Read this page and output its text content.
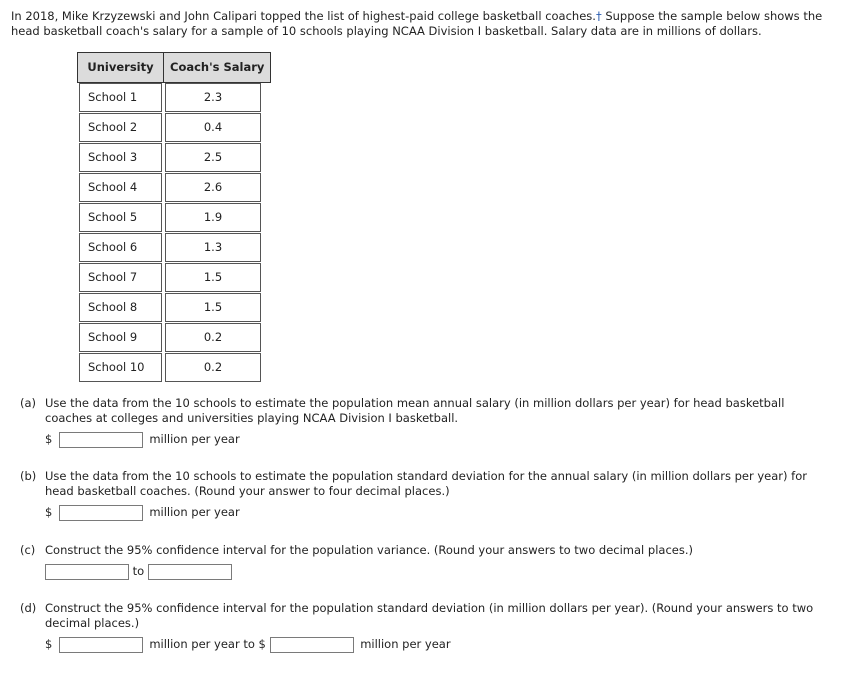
In 2018, Mike Krzyzewski and John Calipari topped the list of highest-paid college basketball coaches.† Suppose the sample below shows the head basketball coach's salary for a sample of 10 schools playing NCAA Division I basketball. Salary data are in millions of dollars.
University	Coach's Salary

School 1	2.3

School 2	0.4

School 3	2.5

School 4	2.6

School 5	1.9

School 6	1.3

School 7	1.5

School 8	1.5

School 9	0.2

School 10	0.2
(a) Use the data from the 10 schools to estimate the population mean annual salary (in million dollars per year) for head basketball coaches at colleges and universities playing NCAA Division I basketball.
$	million per year
(b) Use the data from the 10 schools to estimate the population standard deviation for the annual salary (in million dollars per year) for head basketball coaches. (Round your answer to four decimal places.)
$	million per year
(c) Construct the 95% confidence interval for the population variance. (Round your answers to two decimal places.)
to
(d) Construct the 95% confidence interval for the population standard deviation (in million dollars per year). (Round your answers to two decimal places.)
$	million per year to $	million per year
